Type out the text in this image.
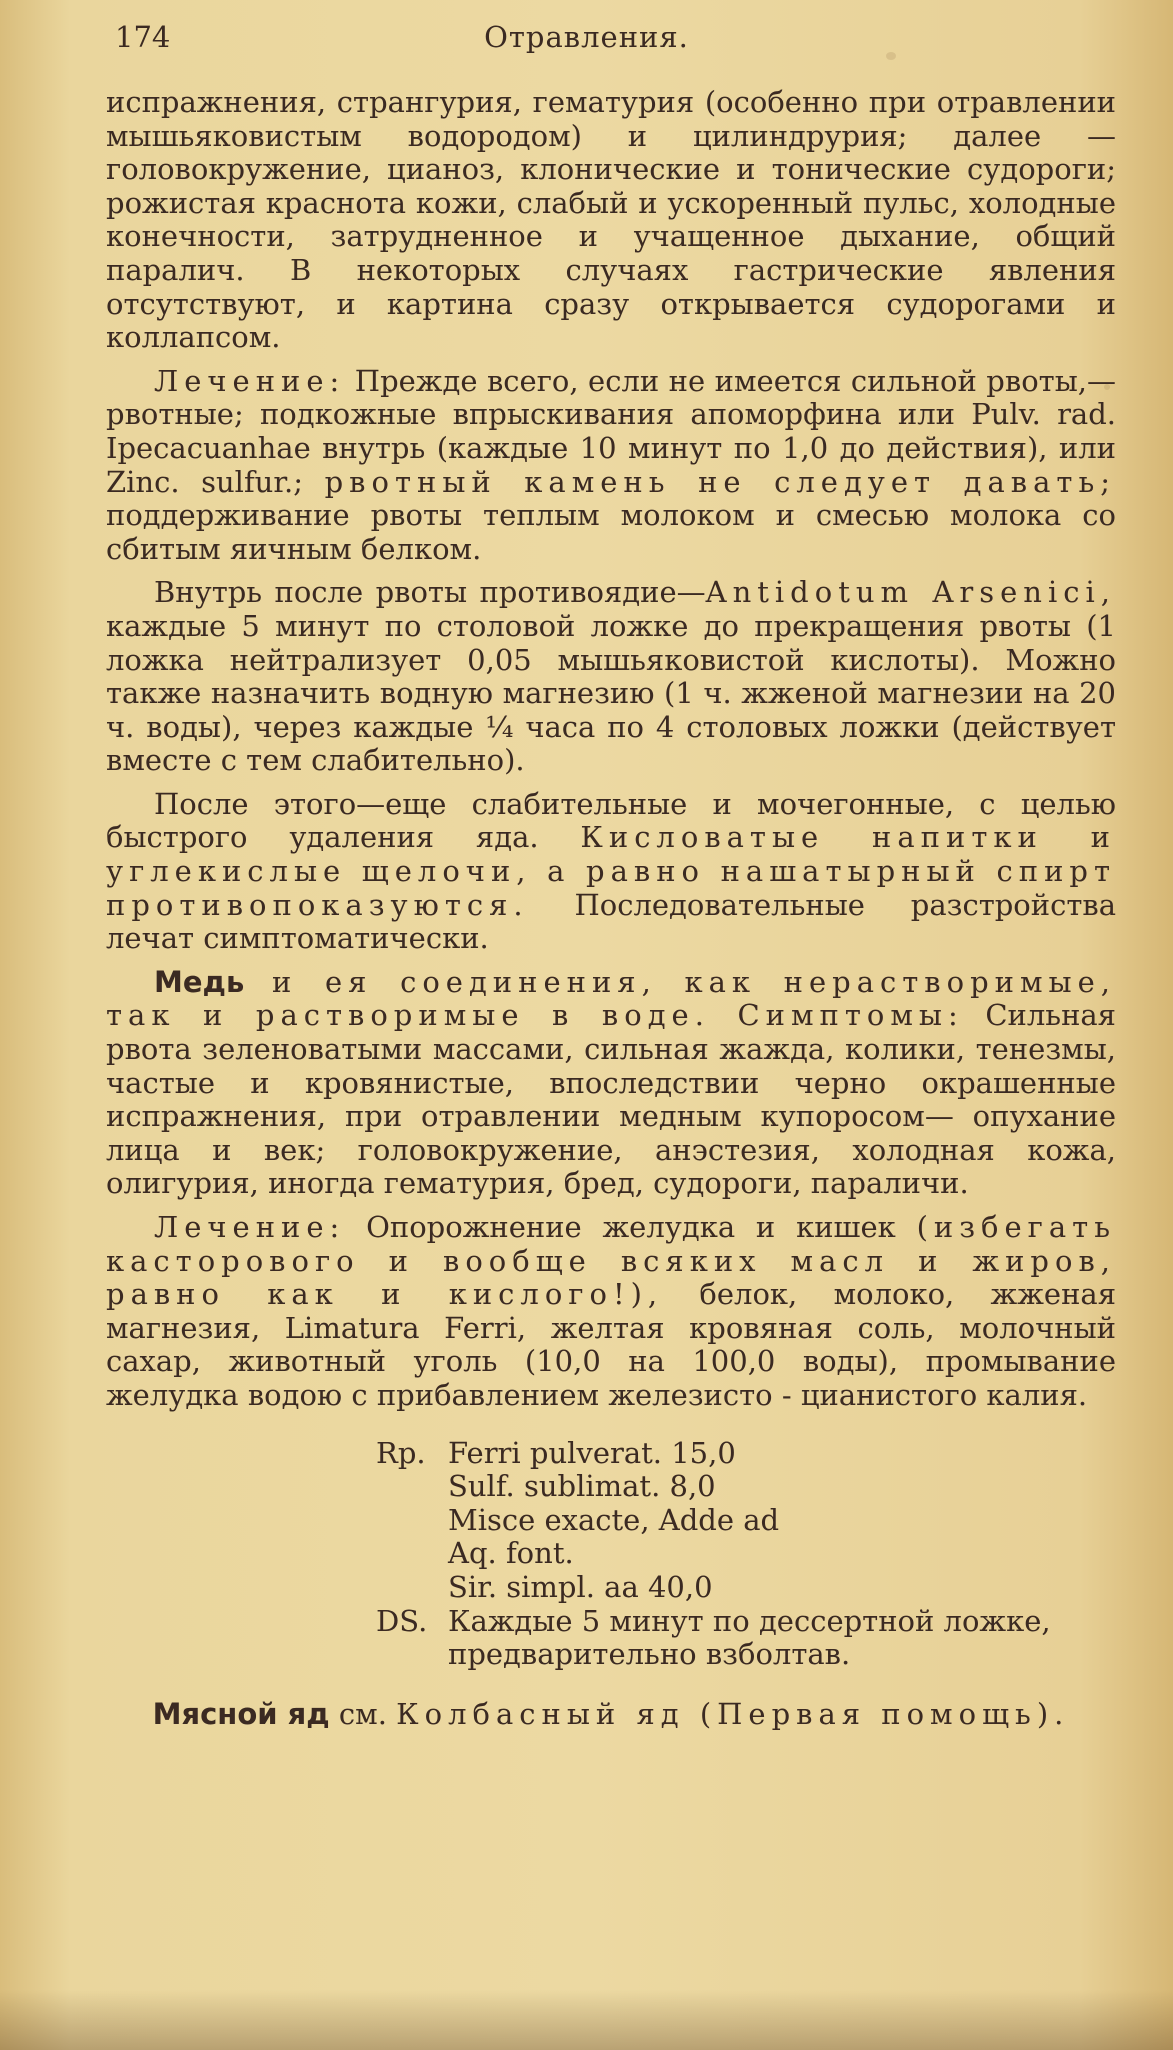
174	Отравления.

испражнения, странгурия, гематурия (особенно при отравлении мышьяковистым водородом) и цилиндрурия; далее — головокружение, цианоз, клонические и тонические судороги; рожистая краснота кожи, слабый и ускоренный пульс, холодные конечности, затрудненное и учащенное дыхание, общий паралич. В некоторых случаях гастрические явления отсутствуют, и картина сразу открывается судорогами и коллапсом.

Лечение: Прежде всего, если не имеется сильной рвоты,—рвотные; подкожные впрыскивания апоморфина или Pulv. rad. Ipecacuanhae внутрь (каждые 10 минут по 1,0 до действия), или Zinc. sulfur.; рвотный камень не следует давать; поддерживание рвоты теплым молоком и смесью молока со сбитым яичным белком.

Внутрь после рвоты противоядие—Antidotum Arsenici, каждые 5 минут по столовой ложке до прекращения рвоты (1 ложка нейтрализует 0,05 мышьяковистой кислоты). Можно также назначить водную магнезию (1 ч. жженой магнезии на 20 ч. воды), через каждые ¼ часа по 4 столовых ложки (действует вместе с тем слабительно).

После этого—еще слабительные и мочегонные, с целью быстрого удаления яда. Кисловатые напитки и углекислые щелочи, а равно нашатырный спирт противопоказуются. Последовательные разстройства лечат симптоматически.

Медь и ея соединения, как нерастворимые, так и растворимые в воде. Симптомы: Сильная рвота зеленоватыми массами, сильная жажда, колики, тенезмы, частые и кровянистые, впоследствии черно окрашенные испражнения, при отравлении медным купоросом— опухание лица и век; головокружение, анэстезия, холодная кожа, олигурия, иногда гематурия, бред, судороги, параличи.

Лечение: Опорожнение желудка и кишек (избегать касторового и вообще всяких масл и жиров, равно как и кислого!), белок, молоко, жженая магнезия, Limatura Ferri, желтая кровяная соль, молочный сахар, животный уголь (10,0 на 100,0 воды), промывание желудка водою с прибавлением железисто - цианистого калия.

Rp. Ferri pulverat. 15,0
Sulf. sublimat. 8,0
Misce exacte, Adde ad
Aq. font.
Sir. simpl. aa 40,0
DS. Каждые 5 минут по дессертной ложке,
предварительно взболтав.
Мясной яд см. Колбасный яд (Первая помощь).
